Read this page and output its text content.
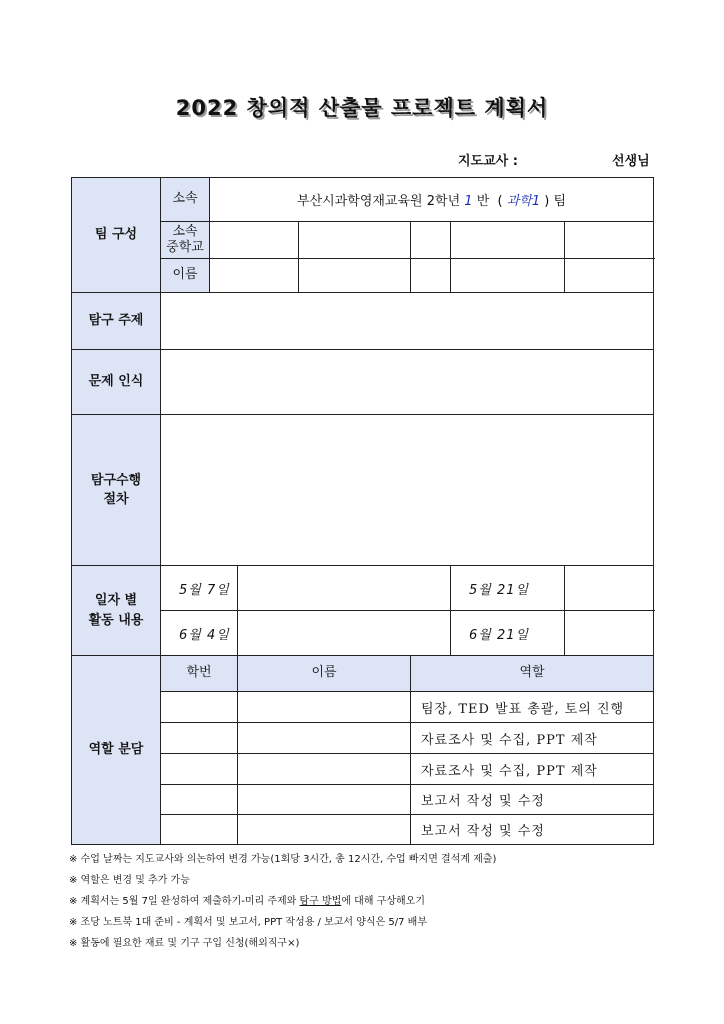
2022 창의적 산출물 프로젝트 계획서
지도교사 :	선생님
팀 구성	소속	부산시과학영재교육원 2학년 1 반 ( 과학1 ) 팀					
	소속
중학교						
	이름						
탐구 주제							
문제 인식							
탐구수행
절차							
일자 별
활동 내용	5월 7일					5월 21일	
	6월 4일					6월 21일	
역할 분담	학번		이름		역할		
					팀장, TED 발표 총괄, 토의 진행		
					자료조사 및 수집, PPT 제작		
					자료조사 및 수집, PPT 제작		
					보고서 작성 및 수정		
					보고서 작성 및 수정		
※ 수업 날짜는 지도교사와 의논하여 변경 가능(1회당 3시간, 총 12시간, 수업 빠지면 결석계 제출)
※ 역할은 변경 및 추가 가능
※ 계획서는 5월 7일 완성하여 제출하기-미리 주제와 탐구 방법에 대해 구상해오기
※ 조당 노트북 1대 준비 - 계획서 및 보고서, PPT 작성용 / 보고서 양식은 5/7 배부
※ 활동에 필요한 재료 및 기구 구입 신청(해외직구×)
